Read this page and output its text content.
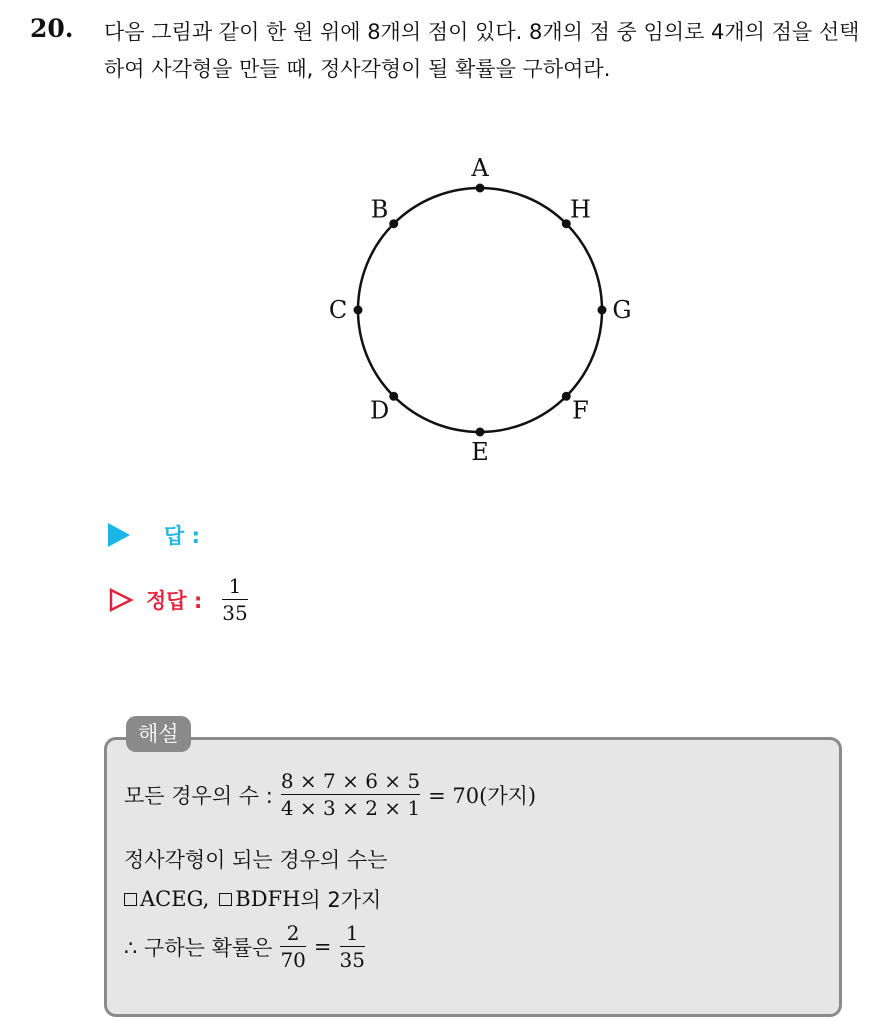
20. 다음 그림과 같이 한 원 위에 8개의 점이 있다. 8개의 점 중 임의로 4개의 점을 선택하여 사각형을 만들 때, 정사각형이 될 확률을 구하여라.
A
B
C
D
E
F
G
H
답 :
정답 : $\frac{1}{35}$
해설
모든 경우의 수 : $\frac{8 \times 7 \times 6 \times 5}{4 \times 3 \times 2 \times 1} = 70$(가지)
정사각형이 되는 경우의 수는
ACEG, BDFH 의 2가지
∴ 구하는 확률은 $\frac{2}{70} = \frac{1}{35}$
